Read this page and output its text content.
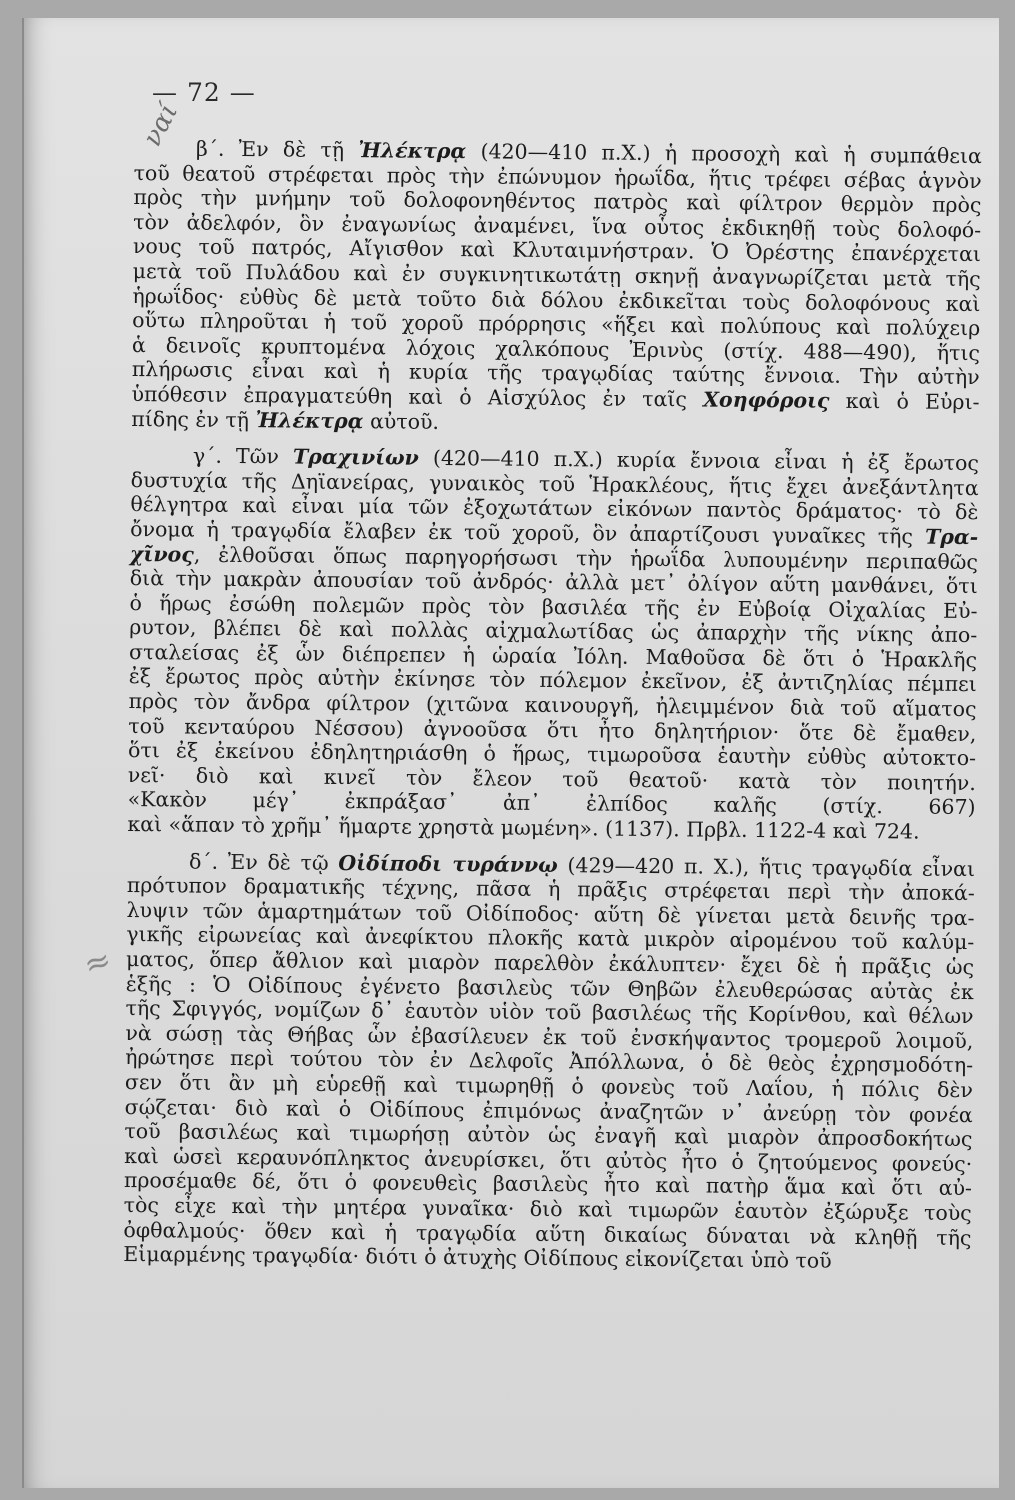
— 72 —
ναί
≈
β΄. Ἐν δὲ τῇ Ἠλέκτρᾳ (420—410 π.Χ.) ἡ προσοχὴ καὶ ἡ συμπάθεια
τοῦ θεατοῦ στρέφεται πρὸς τὴν ἐπώνυμον ἡρωΐδα, ἥτις τρέφει σέβας ἁγνὸν
πρὸς τὴν μνήμην τοῦ δολοφονηθέντος πατρὸς καὶ φίλτρον θερμὸν πρὸς
τὸν ἀδελφόν, ὃν ἐναγωνίως ἀναμένει, ἵνα οὗτος ἐκδικηθῇ τοὺς δολοφό-
νους τοῦ πατρός, Αἴγισθον καὶ Κλυταιμνήστραν. Ὁ Ὀρέστης ἐπανέρχεται
μετὰ τοῦ Πυλάδου καὶ ἐν συγκινητικωτάτῃ σκηνῇ ἀναγνωρίζεται μετὰ τῆς
ἡρωΐδος· εὐθὺς δὲ μετὰ τοῦτο διὰ δόλου ἐκδικεῖται τοὺς δολοφόνους καὶ
οὕτω πληροῦται ἡ τοῦ χοροῦ πρόρρησις «ἥξει καὶ πολύπους καὶ πολύχειρ
ἁ δεινοῖς κρυπτομένα λόχοις χαλκόπους Ἐρινὺς (στίχ. 488—490), ἥτις
πλήρωσις εἶναι καὶ ἡ κυρία τῆς τραγῳδίας ταύτης ἔννοια. Τὴν αὐτὴν
ὑπόθεσιν ἐπραγματεύθη καὶ ὁ Αἰσχύλος ἐν ταῖς Χοηφόροις καὶ ὁ Εὐρι-
πίδης ἐν τῇ Ἠλέκτρᾳ αὐτοῦ.
γ΄. Τῶν Τραχινίων (420—410 π.Χ.) κυρία ἔννοια εἶναι ἡ ἐξ ἔρωτος
δυστυχία τῆς Δηϊανείρας, γυναικὸς τοῦ Ἡρακλέους, ἥτις ἔχει ἀνεξάντλητα
θέλγητρα καὶ εἶναι μία τῶν ἐξοχωτάτων εἰκόνων παντὸς δράματος· τὸ δὲ
ὄνομα ἡ τραγῳδία ἔλαβεν ἐκ τοῦ χοροῦ, ὃν ἀπαρτίζουσι γυναῖκες τῆς Τρα-
χῖνος, ἐλθοῦσαι ὅπως παρηγορήσωσι τὴν ἡρωΐδα λυπουμένην περιπαθῶς
διὰ τὴν μακρὰν ἀπουσίαν τοῦ ἀνδρός· ἀλλὰ μετ᾽ ὀλίγον αὕτη μανθάνει, ὅτι
ὁ ἥρως ἐσώθη πολεμῶν πρὸς τὸν βασιλέα τῆς ἐν Εὐβοίᾳ Οἰχαλίας Εὐ-
ρυτον, βλέπει δὲ καὶ πολλὰς αἰχμαλωτίδας ὡς ἀπαρχὴν τῆς νίκης ἀπο-
σταλείσας ἐξ ὧν διέπρεπεν ἡ ὡραία Ἰόλη. Μαθοῦσα δὲ ὅτι ὁ Ἡρακλῆς
ἐξ ἔρωτος πρὸς αὐτὴν ἐκίνησε τὸν πόλεμον ἐκεῖνον, ἐξ ἀντιζηλίας πέμπει
πρὸς τὸν ἄνδρα φίλτρον (χιτῶνα καινουργῆ, ἠλειμμένον διὰ τοῦ αἵματος
τοῦ κενταύρου Νέσσου) ἀγνοοῦσα ὅτι ἦτο δηλητήριον· ὅτε δὲ ἔμαθεν,
ὅτι ἐξ ἐκείνου ἐδηλητηριάσθη ὁ ἥρως, τιμωροῦσα ἑαυτὴν εὐθὺς αὐτοκτο-
νεῖ· διὸ καὶ κινεῖ τὸν ἔλεον τοῦ θεατοῦ· κατὰ τὸν ποιητήν.
«Κακὸν μέγ᾽ ἐκπράξασ᾽ ἀπ᾽ ἐλπίδος καλῆς (στίχ. 667)
καὶ «ἅπαν τὸ χρῆμ᾽ ἥμαρτε χρηστὰ μωμένη». (1137). Πρβλ. 1122-4 καὶ 724.
δ΄. Ἐν δὲ τῷ Οἰδίποδι τυράννῳ (429—420 π. Χ.), ἥτις τραγῳδία εἶναι
πρότυπον δραματικῆς τέχνης, πᾶσα ἡ πρᾶξις στρέφεται περὶ τὴν ἀποκά-
λυψιν τῶν ἁμαρτημάτων τοῦ Οἰδίποδος· αὕτη δὲ γίνεται μετὰ δεινῆς τρα-
γικῆς εἰρωνείας καὶ ἀνεφίκτου πλοκῆς κατὰ μικρὸν αἰρομένου τοῦ καλύμ-
ματος, ὅπερ ἄθλιον καὶ μιαρὸν παρελθὸν ἐκάλυπτεν· ἔχει δὲ ἡ πρᾶξις ὡς
ἑξῆς : Ὁ Οἰδίπους ἐγένετο βασιλεὺς τῶν Θηβῶν ἐλευθερώσας αὐτὰς ἐκ
τῆς Σφιγγός, νομίζων δ᾽ ἑαυτὸν υἱὸν τοῦ βασιλέως τῆς Κορίνθου, καὶ θέλων
νὰ σώσῃ τὰς Θήβας ὧν ἐβασίλευεν ἐκ τοῦ ἐνσκήψαντος τρομεροῦ λοιμοῦ,
ἠρώτησε περὶ τούτου τὸν ἐν Δελφοῖς Ἀπόλλωνα, ὁ δὲ θεὸς ἐχρησμοδότη-
σεν ὅτι ἂν μὴ εὑρεθῇ καὶ τιμωρηθῇ ὁ φονεὺς τοῦ Λαΐου, ἡ πόλις δὲν
σῴζεται· διὸ καὶ ὁ Οἰδίπους ἐπιμόνως ἀναζητῶν ν᾽ ἀνεύρῃ τὸν φονέα
τοῦ βασιλέως καὶ τιμωρήσῃ αὐτὸν ὡς ἐναγῆ καὶ μιαρὸν ἀπροσδοκήτως
καὶ ὡσεὶ κεραυνόπληκτος ἀνευρίσκει, ὅτι αὐτὸς ἦτο ὁ ζητούμενος φονεύς·
προσέμαθε δέ, ὅτι ὁ φονευθεὶς βασιλεὺς ἦτο καὶ πατὴρ ἅμα καὶ ὅτι αὐ-
τὸς εἶχε καὶ τὴν μητέρα γυναῖκα· διὸ καὶ τιμωρῶν ἑαυτὸν ἐξώρυξε τοὺς
ὀφθαλμούς· ὅθεν καὶ ἡ τραγῳδία αὕτη δικαίως δύναται νὰ κληθῇ τῆς
Εἱμαρμένης τραγῳδία· διότι ὁ ἀτυχὴς Οἰδίπους εἰκονίζεται ὑπὸ τοῦ
